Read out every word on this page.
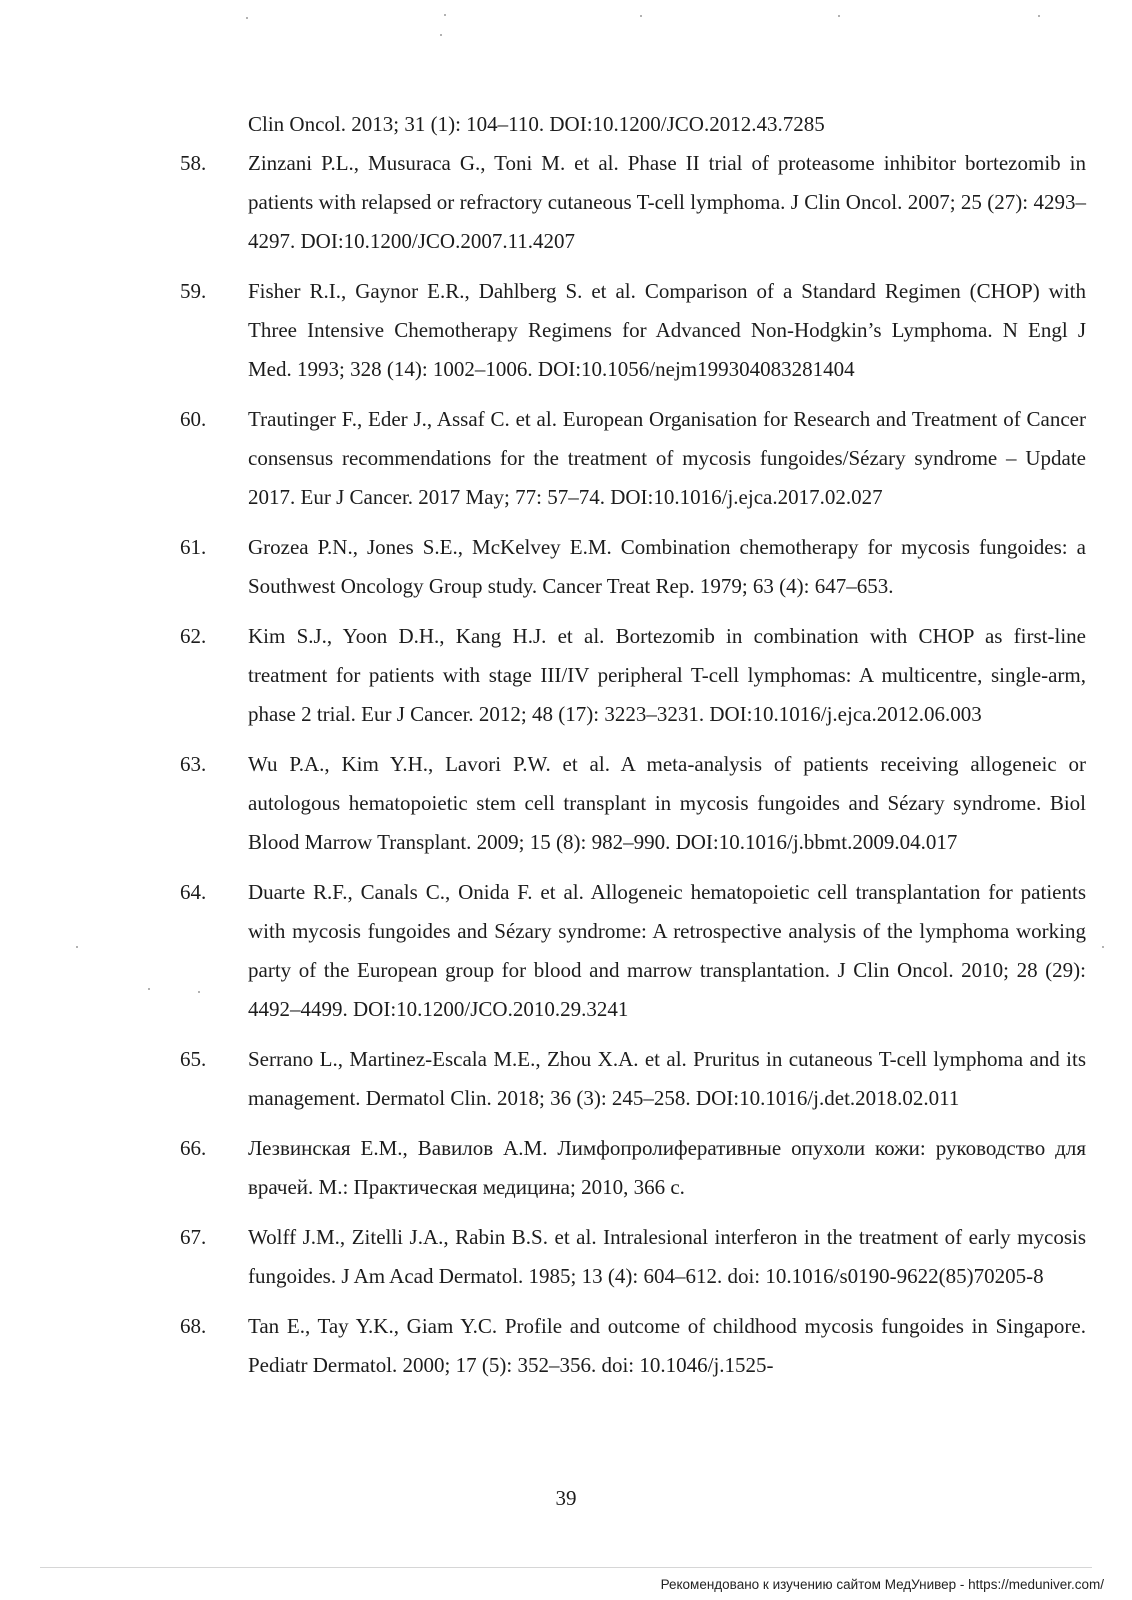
Clin Oncol. 2013; 31 (1): 104–110. DOI:10.1200/JCO.2012.43.7285
58.	Zinzani P.L., Musuraca G., Toni M. et al. Phase II trial of proteasome inhibitor bortezomib in patients with relapsed or refractory cutaneous T-cell lymphoma. J Clin Oncol. 2007; 25 (27): 4293–4297. DOI:10.1200/JCO.2007.11.4207
59.	Fisher R.I., Gaynor E.R., Dahlberg S. et al. Comparison of a Standard Regimen (CHOP) with Three Intensive Chemotherapy Regimens for Advanced Non-Hodgkin’s Lymphoma. N Engl J Med. 1993; 328 (14): 1002–1006. DOI:10.1056/nejm199304083281404
60.	Trautinger F., Eder J., Assaf C. et al. European Organisation for Research and Treatment of Cancer consensus recommendations for the treatment of mycosis fungoides/Sézary syndrome – Update 2017. Eur J Cancer. 2017 May; 77: 57–74. DOI:10.1016/j.ejca.2017.02.027
61.	Grozea P.N., Jones S.E., McKelvey E.M. Combination chemotherapy for mycosis fungoides: a Southwest Oncology Group study. Cancer Treat Rep. 1979; 63 (4): 647–653.
62.	Kim S.J., Yoon D.H., Kang H.J. et al. Bortezomib in combination with CHOP as first-line treatment for patients with stage III/IV peripheral T-cell lymphomas: A multicentre, single-arm, phase 2 trial. Eur J Cancer. 2012; 48 (17): 3223–3231. DOI:10.1016/j.ejca.2012.06.003
63.	Wu P.A., Kim Y.H., Lavori P.W. et al. A meta-analysis of patients receiving allogeneic or autologous hematopoietic stem cell transplant in mycosis fungoides and Sézary syndrome. Biol Blood Marrow Transplant. 2009; 15 (8): 982–990. DOI:10.1016/j.bbmt.2009.04.017
64.	Duarte R.F., Canals C., Onida F. et al. Allogeneic hematopoietic cell transplantation for patients with mycosis fungoides and Sézary syndrome: A retrospective analysis of the lymphoma working party of the European group for blood and marrow transplantation. J Clin Oncol. 2010; 28 (29): 4492–4499. DOI:10.1200/JCO.2010.29.3241
65.	Serrano L., Martinez-Escala M.E., Zhou X.A. et al. Pruritus in cutaneous T-cell lymphoma and its management. Dermatol Clin. 2018; 36 (3): 245–258. DOI:10.1016/j.det.2018.02.011
66.	Лезвинская Е.М., Вавилов А.М. Лимфопролиферативные опухоли кожи: руководство для врачей. М.: Практическая медицина; 2010, 366 с.
67.	Wolff J.M., Zitelli J.A., Rabin B.S. et al. Intralesional interferon in the treatment of early mycosis fungoides. J Am Acad Dermatol. 1985; 13 (4): 604–612. doi: 10.1016/s0190-9622(85)70205-8
68.	Tan E., Tay Y.K., Giam Y.C. Profile and outcome of childhood mycosis fungoides in Singapore. Pediatr Dermatol. 2000; 17 (5): 352–356. doi: 10.1046/j.1525-
39
Рекомендовано к изучению сайтом МедУнивер - https://meduniver.com/
